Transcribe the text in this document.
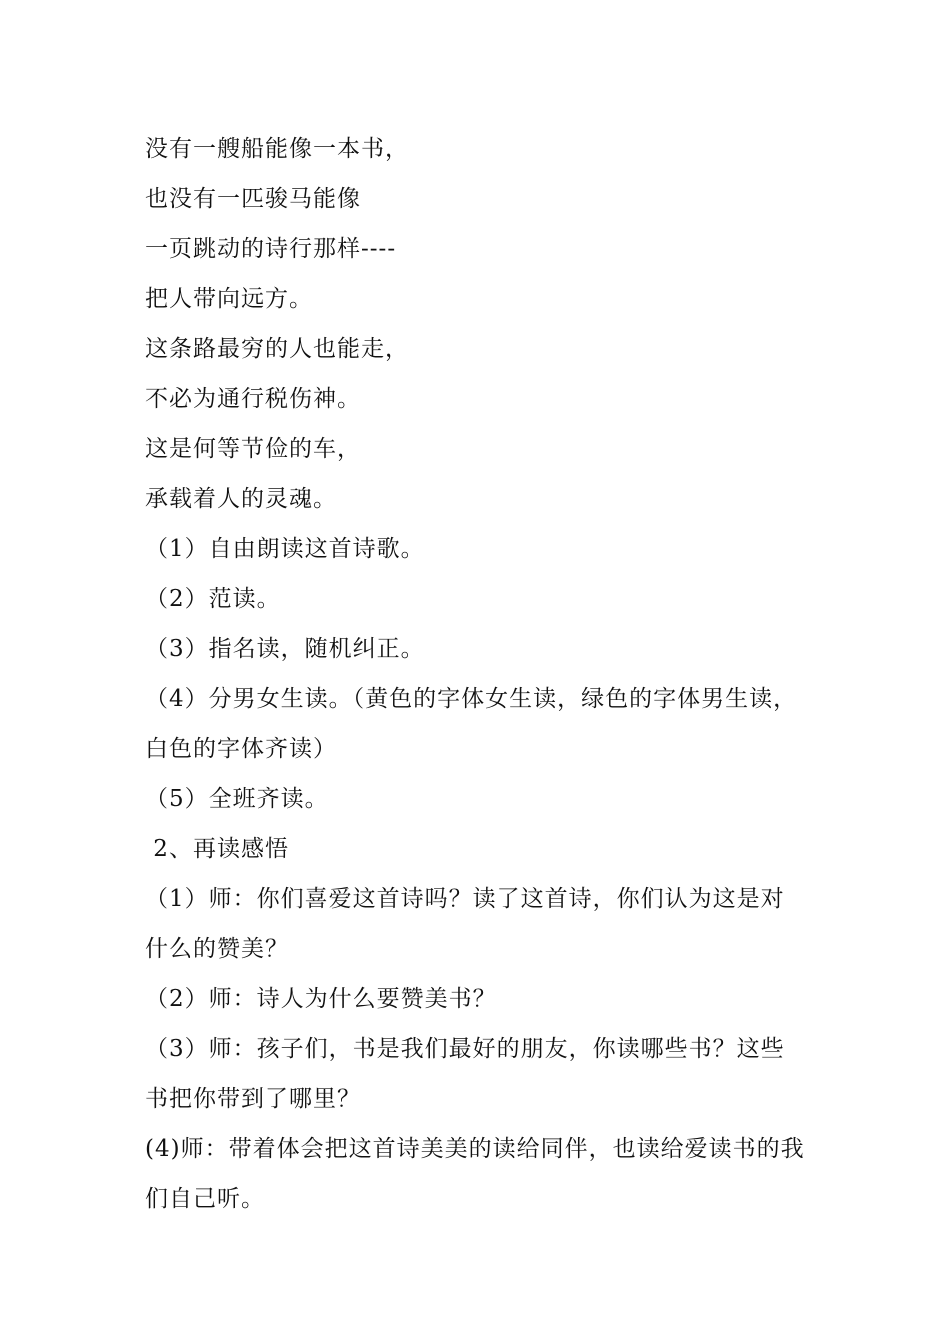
没有一艘船能像一本书，
也没有一匹骏马能像
一页跳动的诗行那样----
把人带向远方。
这条路最穷的人也能走，
不必为通行税伤神。
这是何等节俭的车，
承载着人的灵魂。
（1）自由朗读这首诗歌。
（2）范读。
（3）指名读，随机纠正。
（4）分男女生读。（黄色的字体女生读，绿色的字体男生读，白色的字体齐读）
（5）全班齐读。
2、再读感悟
（1）师：你们喜爱这首诗吗？读了这首诗，你们认为这是对什么的赞美？
（2）师：诗人为什么要赞美书？
（3）师：孩子们，书是我们最好的朋友，你读哪些书？这些书把你带到了哪里？
(4)师：带着体会把这首诗美美的读给同伴，也读给爱读书的我们自己听。
